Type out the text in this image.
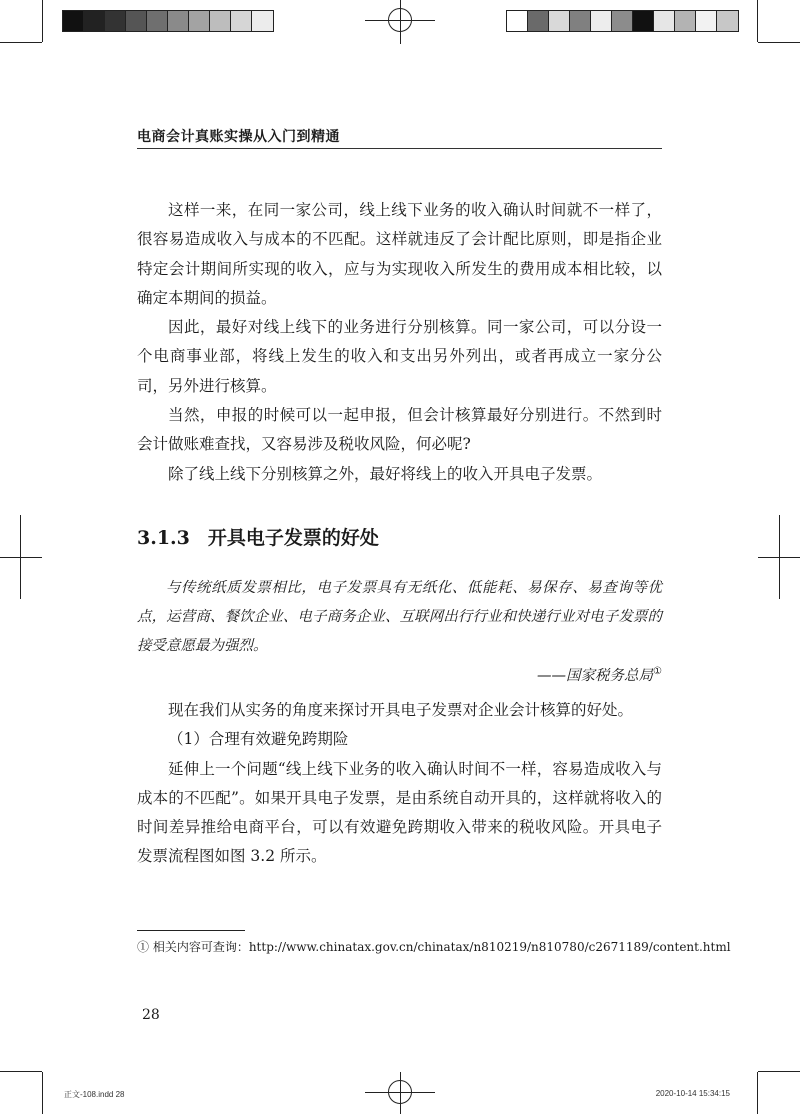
电商会计真账实操从入门到精通

这样一来，在同一家公司，线上线下业务的收入确认时间就不一样了，很容易造成收入与成本的不匹配。这样就违反了会计配比原则，即是指企业特定会计期间所实现的收入，应与为实现收入所发生的费用成本相比较，以确定本期间的损益。

因此，最好对线上线下的业务进行分别核算。同一家公司，可以分设一个电商事业部，将线上发生的收入和支出另外列出，或者再成立一家分公司，另外进行核算。

当然，申报的时候可以一起申报，但会计核算最好分别进行。不然到时会计做账难查找，又容易涉及税收风险，何必呢?

除了线上线下分别核算之外，最好将线上的收入开具电子发票。

3.1.3 开具电子发票的好处

与传统纸质发票相比，电子发票具有无纸化、低能耗、易保存、易查询等优点，运营商、餐饮企业、电子商务企业、互联网出行行业和快递行业对电子发票的接受意愿最为强烈。

——国家税务总局①

现在我们从实务的角度来探讨开具电子发票对企业会计核算的好处。

（1）合理有效避免跨期险

延伸上一个问题“线上线下业务的收入确认时间不一样，容易造成收入与成本的不匹配”。如果开具电子发票，是由系统自动开具的，这样就将收入的时间差异推给电商平台，可以有效避免跨期收入带来的税收风险。开具电子发票流程图如图 3.2 所示。

① 相关内容可查询：http://www.chinatax.gov.cn/chinatax/n810219/n810780/c2671189/content.html
28
正文-108.indd 28	2020-10-14 15:34:15
